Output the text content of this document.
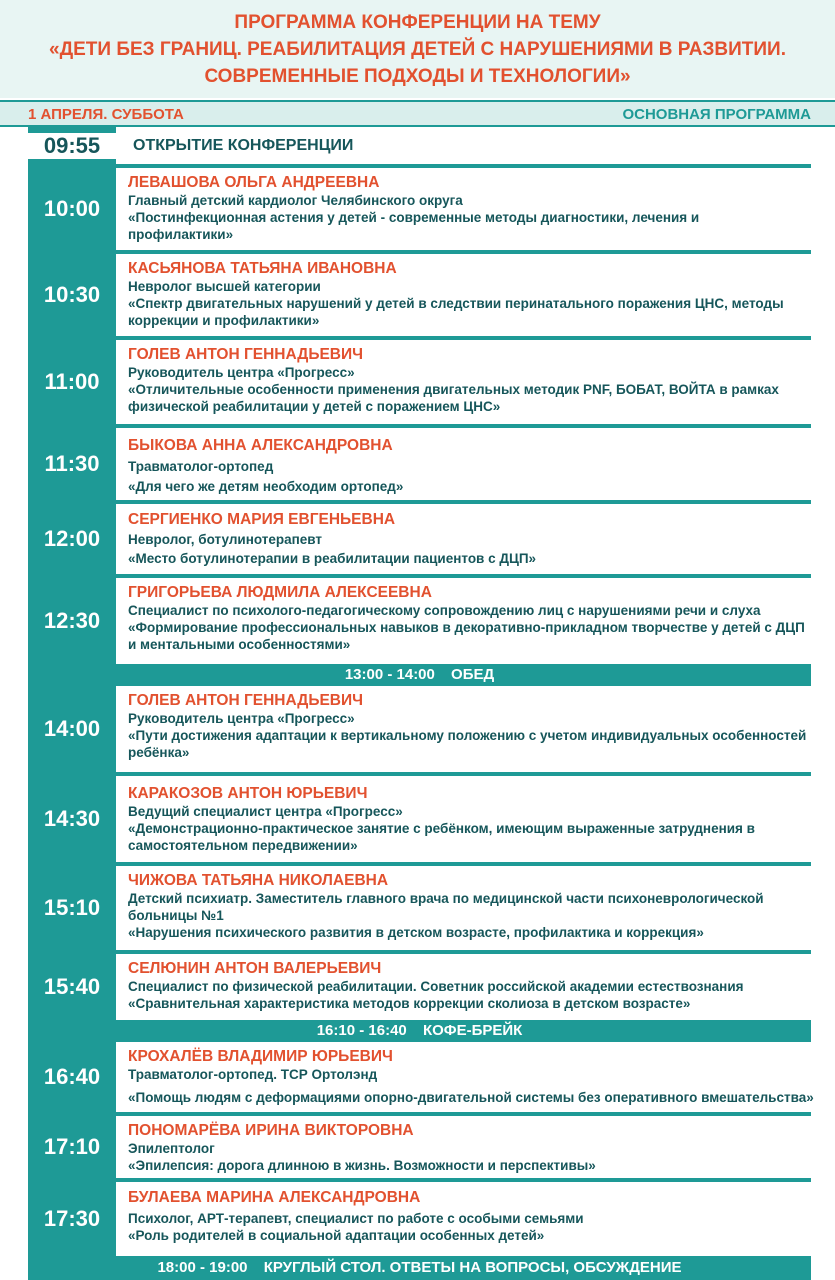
ПРОГРАММА КОНФЕРЕНЦИИ НА ТЕМУ
«ДЕТИ БЕЗ ГРАНИЦ. РЕАБИЛИТАЦИЯ ДЕТЕЙ С НАРУШЕНИЯМИ В РАЗВИТИИ.
СОВРЕМЕННЫЕ ПОДХОДЫ И ТЕХНОЛОГИИ»
1 АПРЕЛЯ. СУББОТА	ОСНОВНАЯ ПРОГРАММА
09:55	ОТКРЫТИЕ КОНФЕРЕНЦИИ
10:00
ЛЕВАШОВА ОЛЬГА АНДРЕЕВНА
Главный детский кардиолог Челябинского округа
«Постинфекционная астения у детей - современные методы диагностики, лечения и профилактики»
10:30
КАСЬЯНОВА ТАТЬЯНА ИВАНОВНА
Невролог высшей категории
«Спектр двигательных нарушений у детей в следствии перинатального поражения ЦНС, методы коррекции и профилактики»
11:00
ГОЛЕВ АНТОН ГЕННАДЬЕВИЧ
Руководитель центра «Прогресс»
«Отличительные особенности применения двигательных методик PNF, БОБАТ, ВОЙТА в рамках физической реабилитации у детей с поражением ЦНС»
11:30
БЫКОВА АННА АЛЕКСАНДРОВНА
Травматолог-ортопед
«Для чего же детям необходим ортопед»
12:00
СЕРГИЕНКО МАРИЯ ЕВГЕНЬЕВНА
Невролог, ботулинотерапевт
«Место ботулинотерапии в реабилитации пациентов с ДЦП»
12:30
ГРИГОРЬЕВА ЛЮДМИЛА АЛЕКСЕЕВНА
Специалист по психолого-педагогическому сопровождению лиц с нарушениями речи и слуха
«Формирование профессиональных навыков в декоративно-прикладном творчестве у детей с ДЦП и ментальными особенностями»
13:00 - 14:00 ОБЕД
14:00
ГОЛЕВ АНТОН ГЕННАДЬЕВИЧ
Руководитель центра «Прогресс»
«Пути достижения адаптации к вертикальному положению с учетом индивидуальных особенностей ребёнка»
14:30
КАРАКОЗОВ АНТОН ЮРЬЕВИЧ
Ведущий специалист центра «Прогресс»
«Демонстрационно-практическое занятие с ребёнком, имеющим выраженные затруднения в самостоятельном передвижении»
15:10
ЧИЖОВА ТАТЬЯНА НИКОЛАЕВНА
Детский психиатр. Заместитель главного врача по медицинской части психоневрологической больницы №1
«Нарушения психического развития в детском возрасте, профилактика и коррекция»
15:40
СЕЛЮНИН АНТОН ВАЛЕРЬЕВИЧ
Специалист по физической реабилитации. Советник российской академии естествознания
«Сравнительная характеристика методов коррекции сколиоза в детском возрасте»
16:10 - 16:40 КОФЕ-БРЕЙК
16:40
КРОХАЛЁВ ВЛАДИМИР ЮРЬЕВИЧ
Травматолог-ортопед. ТСР Ортолэнд
«Помощь людям с деформациями опорно-двигательной системы без оперативного вмешательства»
17:10
ПОНОМАРЁВА ИРИНА ВИКТОРОВНА
Эпилептолог
«Эпилепсия: дорога длинною в жизнь. Возможности и перспективы»
17:30
БУЛАЕВА МАРИНА АЛЕКСАНДРОВНА
Психолог, АРТ-терапевт, специалист по работе с особыми семьями
«Роль родителей в социальной адаптации особенных детей»
18:00 - 19:00 КРУГЛЫЙ СТОЛ. ОТВЕТЫ НА ВОПРОСЫ, ОБСУЖДЕНИЕ
